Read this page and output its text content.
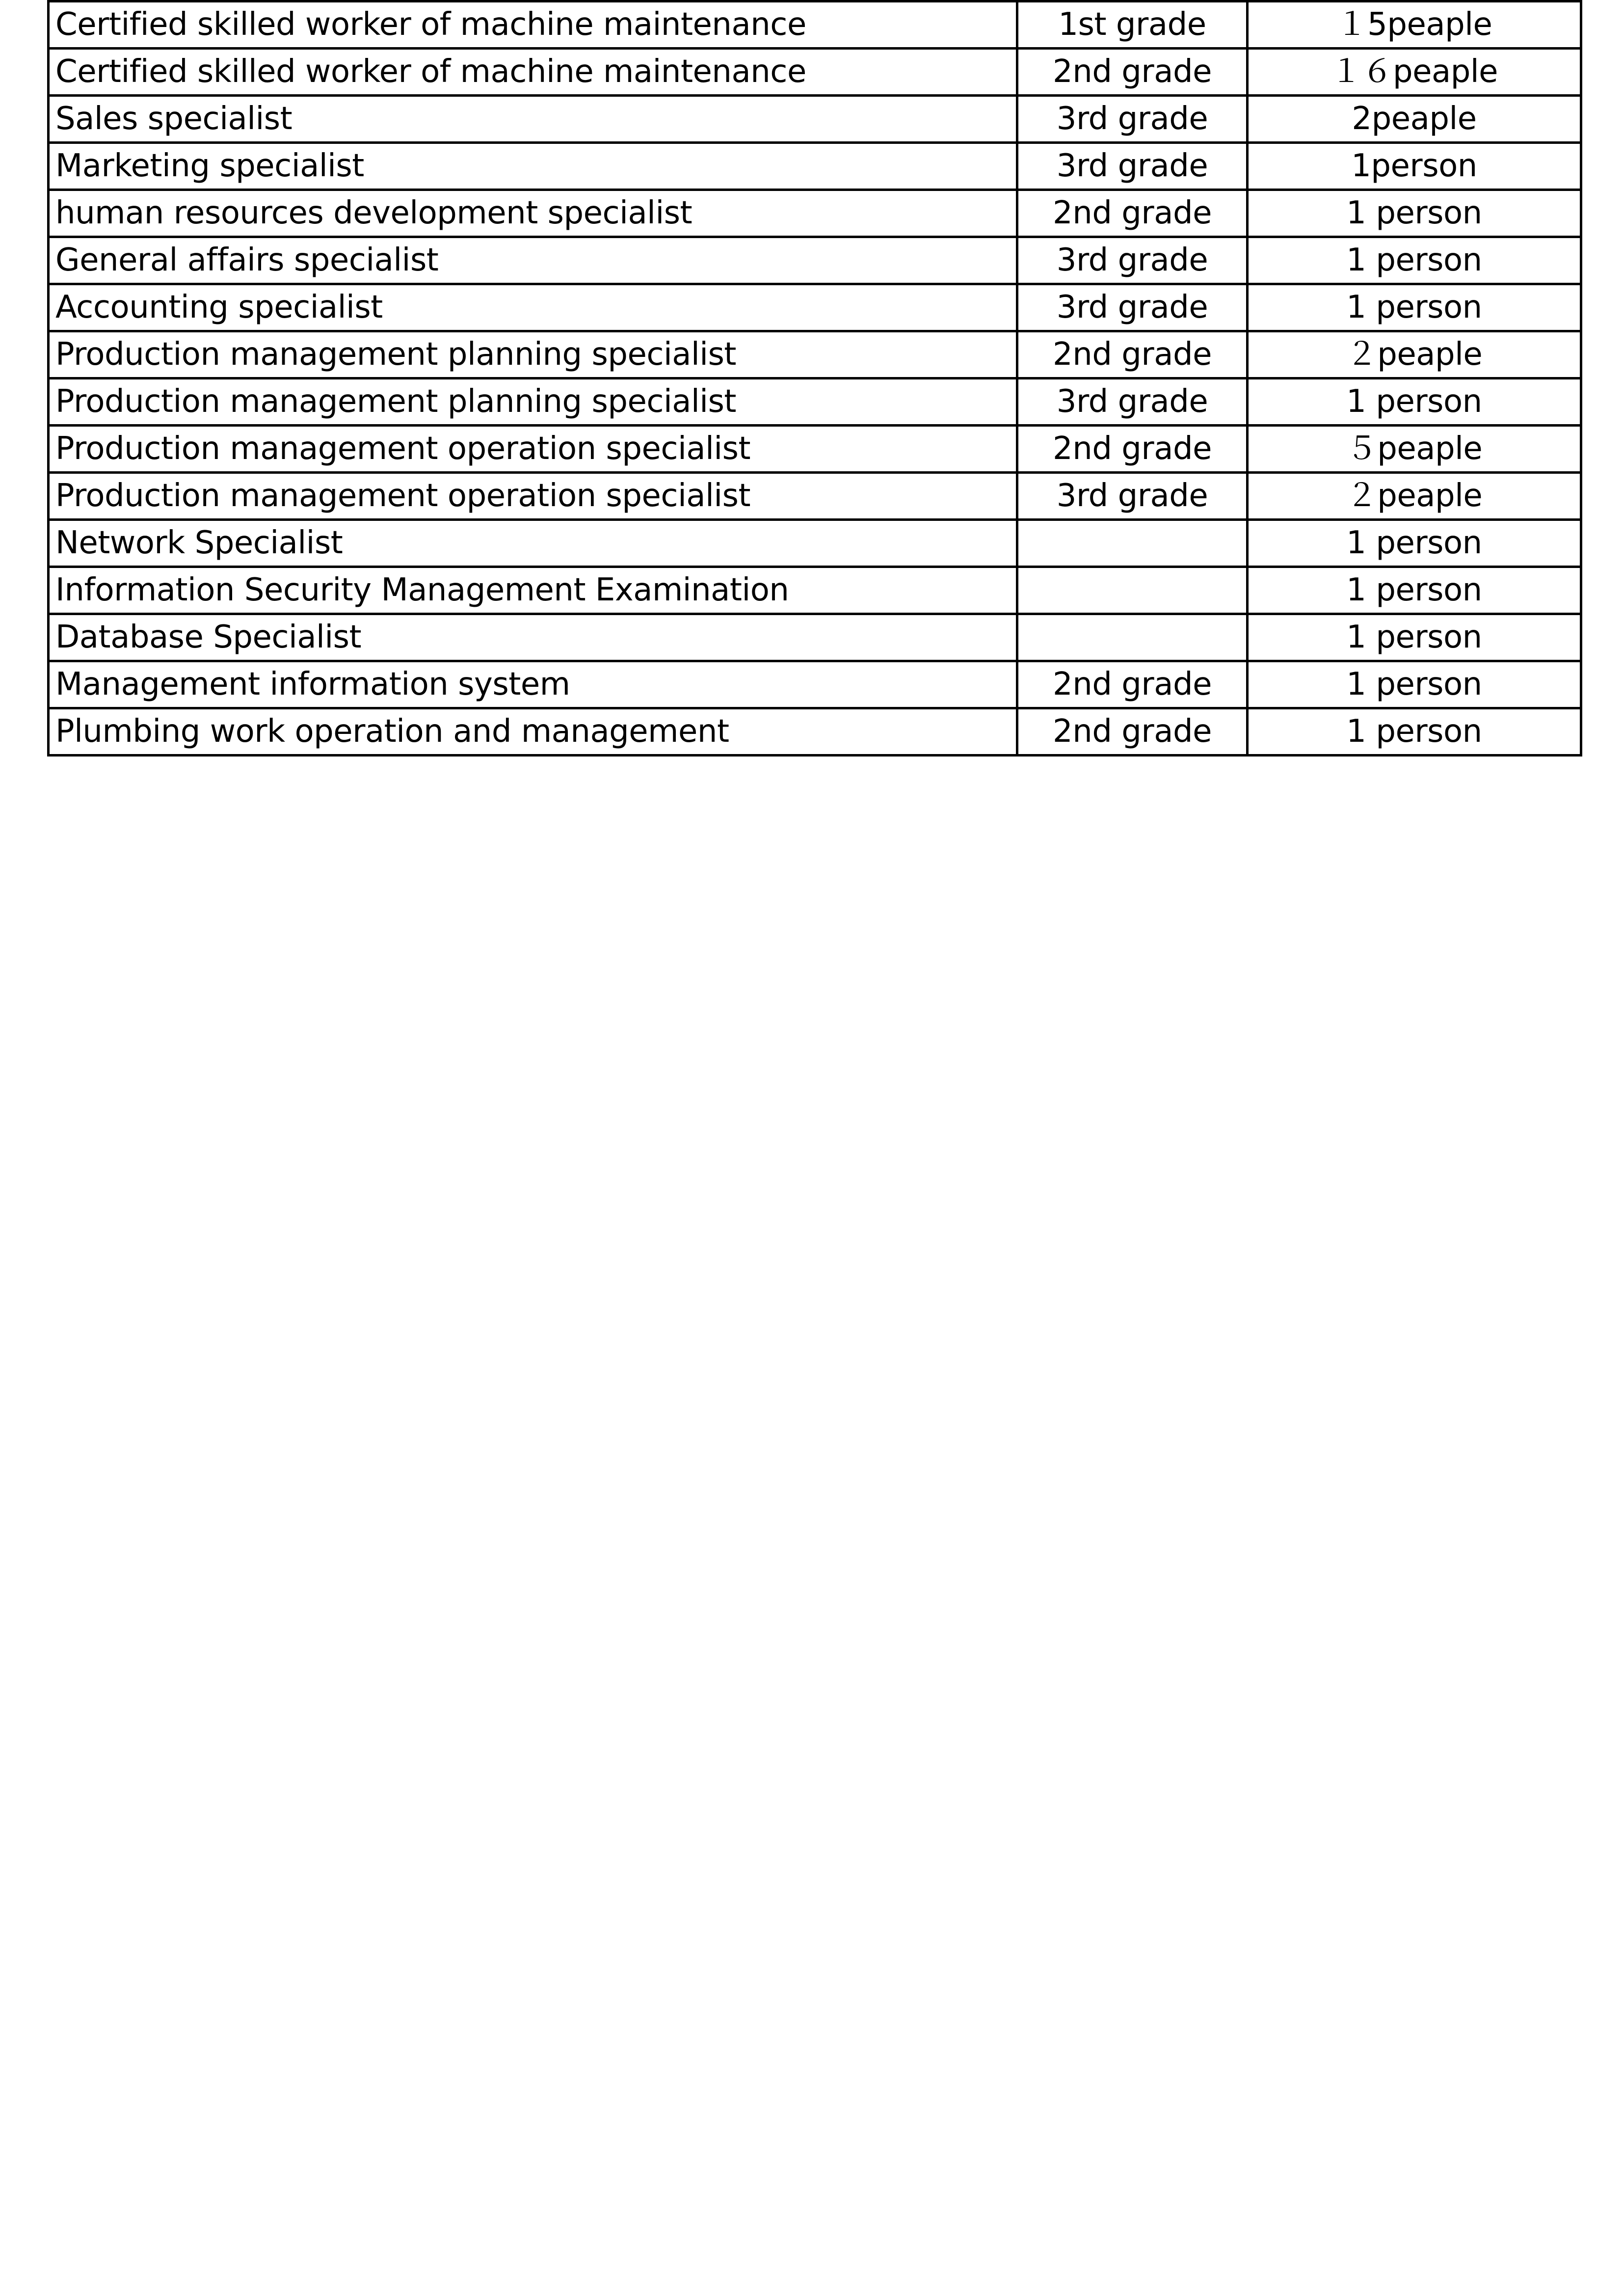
Certified skilled worker of machine maintenance	1st grade	１5peaple
Certified skilled worker of machine maintenance	2nd grade	１６peaple
Sales specialist	3rd grade	2peaple
Marketing specialist	3rd grade	1person
human resources development specialist	2nd grade	1 person
General affairs specialist	3rd grade	1 person
Accounting specialist	3rd grade	1 person
Production management planning specialist	2nd grade	２peaple
Production management planning specialist	3rd grade	1 person
Production management operation specialist	2nd grade	５peaple
Production management operation specialist	3rd grade	２peaple
Network Specialist		1 person
Information Security Management Examination		1 person
Database Specialist		1 person
Management information system	2nd grade	1 person
Plumbing work operation and management	2nd grade	1 person
